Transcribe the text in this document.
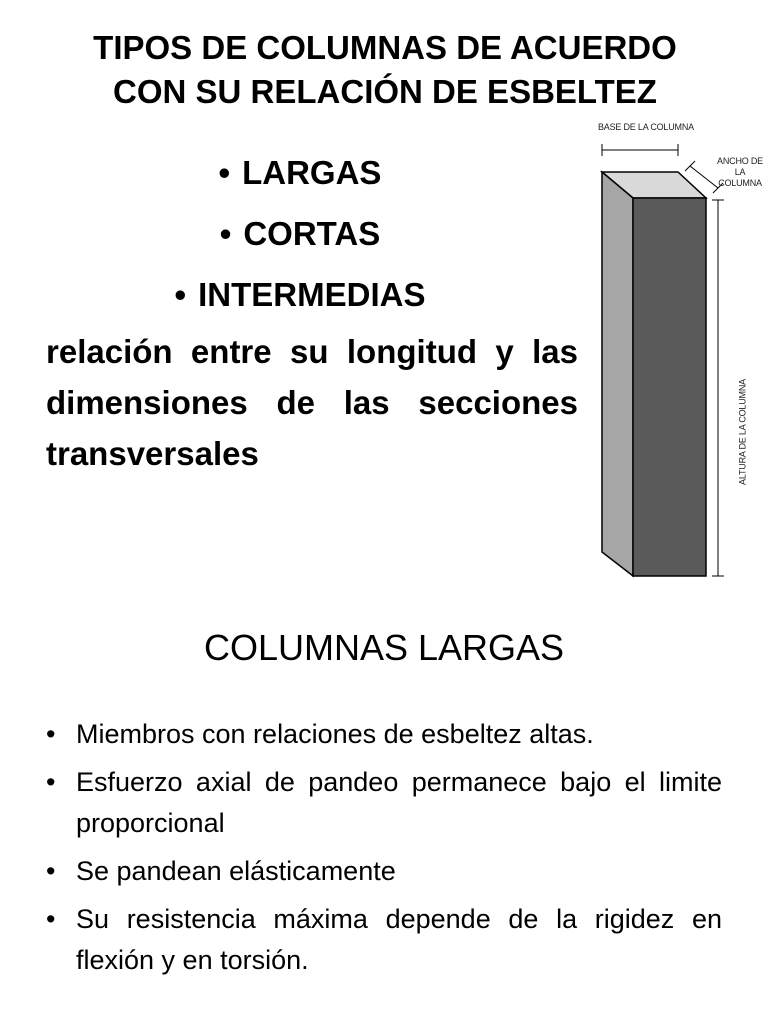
TIPOS DE COLUMNAS DE ACUERDO
CON SU RELACIÓN DE ESBELTEZ
• LARGAS
• CORTAS
• INTERMEDIAS

relación entre su longitud y las dimensiones de las secciones transversales

BASE DE LA COLUMNA
ANCHO DE LA
COLUMNA
ALTURA DE LA COLUMNA
COLUMNAS LARGAS
• Miembros con relaciones de esbeltez altas.
• Esfuerzo axial de pandeo permanece bajo el limite proporcional
• Se pandean elásticamente
• Su resistencia máxima depende de la rigidez en flexión y en torsión.
